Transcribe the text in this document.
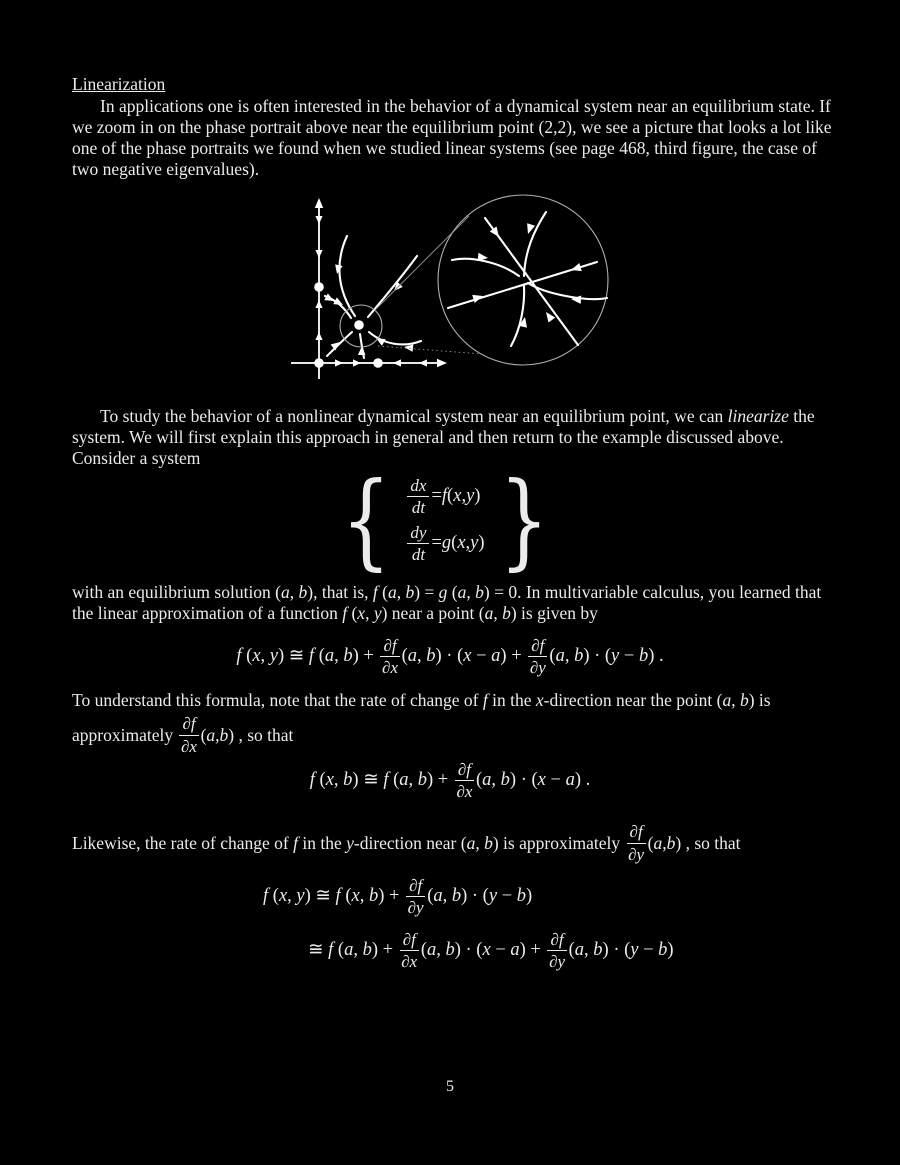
Linearization
In applications one is often interested in the behavior of a dynamical system near an equilibrium state. If we zoom in on the phase portrait above near the equilibrium point (2,2), we see a picture that looks a lot like one of the phase portraits we found when we studied linear systems (see page 468, third figure, the case of two negative eigenvalues).
To study the behavior of a nonlinear dynamical system near an equilibrium point, we can linearize the system. We will first explain this approach in general and then return to the example discussed above. Consider a system
{ $\frac{dx}{dt} = f$ ( x , y )
$\frac{dy}{dt} = g$ ( x , y ) }
with an equilibrium solution (a, b), that is, f (a, b) = g (a, b) = 0. In multivariable calculus, you learned that the linear approximation of a function f (x, y) near a point (a, b) is given by
f (x, y) ≅ f (a, $b) + \frac{\partial f}{\partial x} (a$, $b) \cdot (x - a) + \frac{\partial f}{\partial y} (a$, b) · (y − b) .
To understand this formula, note that the rate of change of f in the x-direction near the point (a, b) is
approximately $\frac{\partial f}{\partial x}$ ( a , b ) , so that
f (x, b) ≅ f (a, $b) + \frac{\partial f}{\partial x} (a$, b) · (x − a) .
Likewise, the rate of change of f in the y -direction near ( a , b ) is approximately $\frac{\partial f}{\partial y}$ ( a , b ) , so that
f (x, y) ≅ f (x, $b) + \frac{\partial f}{\partial y} (a$, b) · (y − b)
≅ f (a, $b) + \frac{\partial f}{\partial x} (a$, $b) \cdot (x - a) + \frac{\partial f}{\partial y} (a$, b) · (y − b)
5
